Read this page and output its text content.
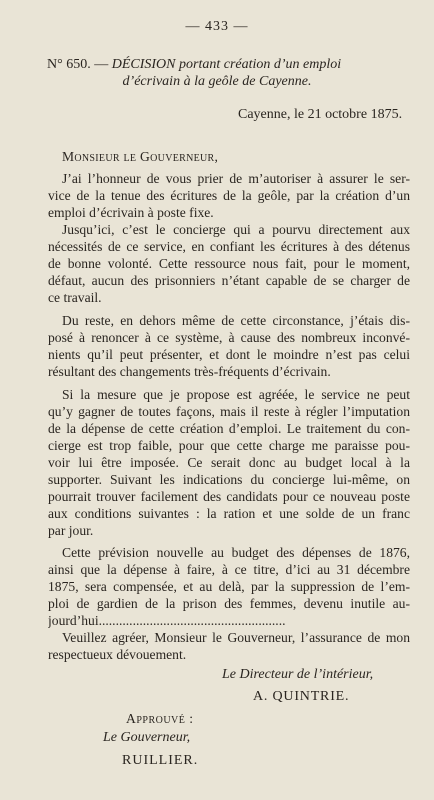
— 433 —
N° 650. — DÉCISION portant création d’un emploi
d’écrivain à la geôle de Cayenne.
Cayenne, le 21 octobre 1875.
Monsieur le Gouverneur,
J’ai l’honneur de vous prier de m’autoriser à assurer le ser-
vice de la tenue des écritures de la geôle, par la création d’un
emploi d’écrivain à poste fixe.
Jusqu’ici, c’est le concierge qui a pourvu directement aux
nécessités de ce service, en confiant les écritures à des détenus
de bonne volonté. Cette ressource nous fait, pour le moment,
défaut, aucun des prisonniers n’étant capable de se charger de
ce travail.
Du reste, en dehors même de cette circonstance, j’étais dis-
posé à renoncer à ce système, à cause des nombreux inconvé-
nients qu’il peut présenter, et dont le moindre n’est pas celui
résultant des changements très-fréquents d’écrivain.
Si la mesure que je propose est agréée, le service ne peut
qu’y gagner de toutes façons, mais il reste à régler l’imputation
de la dépense de cette création d’emploi. Le traitement du con-
cierge est trop faible, pour que cette charge me paraisse pou-
voir lui être imposée. Ce serait donc au budget local à la
supporter. Suivant les indications du concierge lui-même, on
pourrait trouver facilement des candidats pour ce nouveau poste
aux conditions suivantes : la ration et une solde de un franc
par jour.
Cette prévision nouvelle au budget des dépenses de 1876,
ainsi que la dépense à faire, à ce titre, d’ici au 31 décembre
1875, sera compensée, et au delà, par la suppression de l’em-
ploi de gardien de la prison des femmes, devenu inutile au-
jourd’hui.......................................................
Veuillez agréer, Monsieur le Gouverneur, l’assurance de mon
respectueux dévouement.
Le Directeur de l’intérieur,
A. QUINTRIE.
Approuvé :
Le Gouverneur,
RUILLIER.
